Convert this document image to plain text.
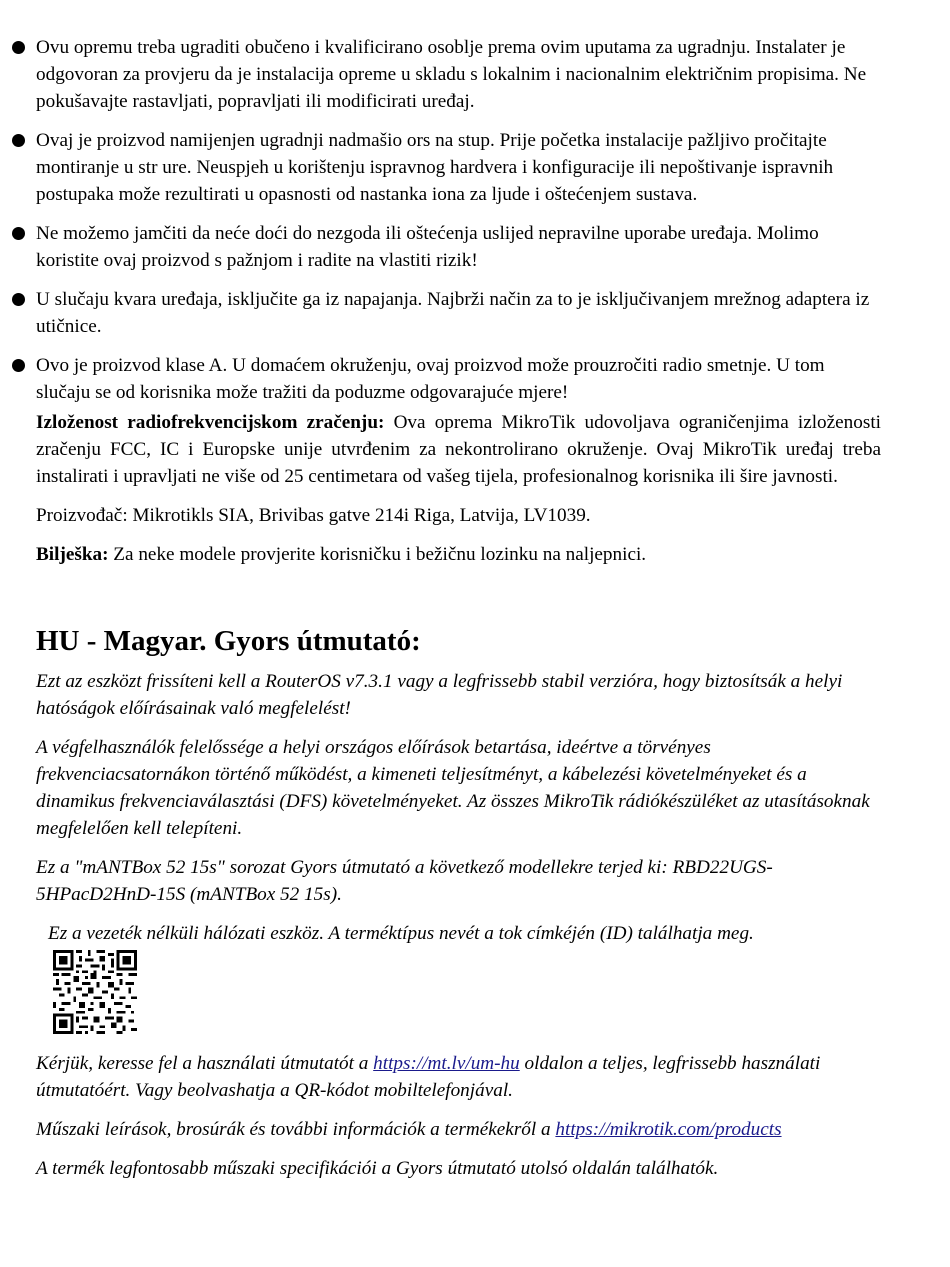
Ovu opremu treba ugraditi obučeno i kvalificirano osoblje prema ovim uputama za ugradnju. Instalater je odgovoran za provjeru da je instalacija opreme u skladu s lokalnim i nacionalnim električnim propisima. Ne pokušavajte rastavljati, popravljati ili modificirati uređaj.
Ovaj je proizvod namijenjen ugradnji nadmašio ors na stup. Prije početka instalacije pažljivo pročitajte montiranje u str ure. Neuspjeh u korištenju ispravnog hardvera i konfiguracije ili nepoštivanje ispravnih postupaka može rezultirati u opasnosti od nastanka iona za ljude i oštećenjem sustava.
Ne možemo jamčiti da neće doći do nezgoda ili oštećenja uslijed nepravilne uporabe uređaja. Molimo koristite ovaj proizvod s pažnjom i radite na vlastiti rizik!
U slučaju kvara uređaja, isključite ga iz napajanja. Najbrži način za to je isključivanjem mrežnog adaptera iz utičnice.
Ovo je proizvod klase A. U domaćem okruženju, ovaj proizvod može prouzročiti radio smetnje. U tom slučaju se od korisnika može tražiti da poduzme odgovarajuće mjere!

Izloženost radiofrekvencijskom zračenju: Ova oprema MikroTik udovoljava ograničenjima izloženosti zračenju FCC, IC i Europske unije utvrđenim za nekontrolirano okruženje. Ovaj MikroTik uređaj treba instalirati i upravljati ne više od 25 centimetara od vašeg tijela, profesionalnog korisnika ili šire javnosti.

Proizvođač: Mikrotikls SIA, Brivibas gatve 214i Riga, Latvija, LV1039.

Bilješka: Za neke modele provjerite korisničku i bežičnu lozinku na naljepnici.

HU - Magyar. Gyors útmutató:

Ezt az eszközt frissíteni kell a RouterOS v7.3.1 vagy a legfrissebb stabil verzióra, hogy biztosítsák a helyi hatóságok előírásainak való megfelelést!

A végfelhasználók felelőssége a helyi országos előírások betartása, ideértve a törvényes frekvenciacsatornákon történő működést, a kimeneti teljesítményt, a kábelezési követelményeket és a dinamikus frekvenciaválasztási (DFS) követelményeket. Az összes MikroTik rádiókészüléket az utasításoknak megfelelően kell telepíteni.

Ez a "mANTBox 52 15s" sorozat Gyors útmutató a következő modellekre terjed ki: RBD22UGS-5HPacD2HnD-15S (mANTBox 52 15s).

Ez a vezeték nélküli hálózati eszköz. A terméktípus nevét a tok címkéjén (ID) találhatja meg.

Kérjük, keresse fel a használati útmutatót a https://mt.lv/um-hu oldalon a teljes, legfrissebb használati útmutatóért. Vagy beolvashatja a QR-kódot mobiltelefonjával.

Műszaki leírások, brosúrák és további információk a termékekről a https://mikrotik.com/products

A termék legfontosabb műszaki specifikációi a Gyors útmutató utolsó oldalán találhatók.
